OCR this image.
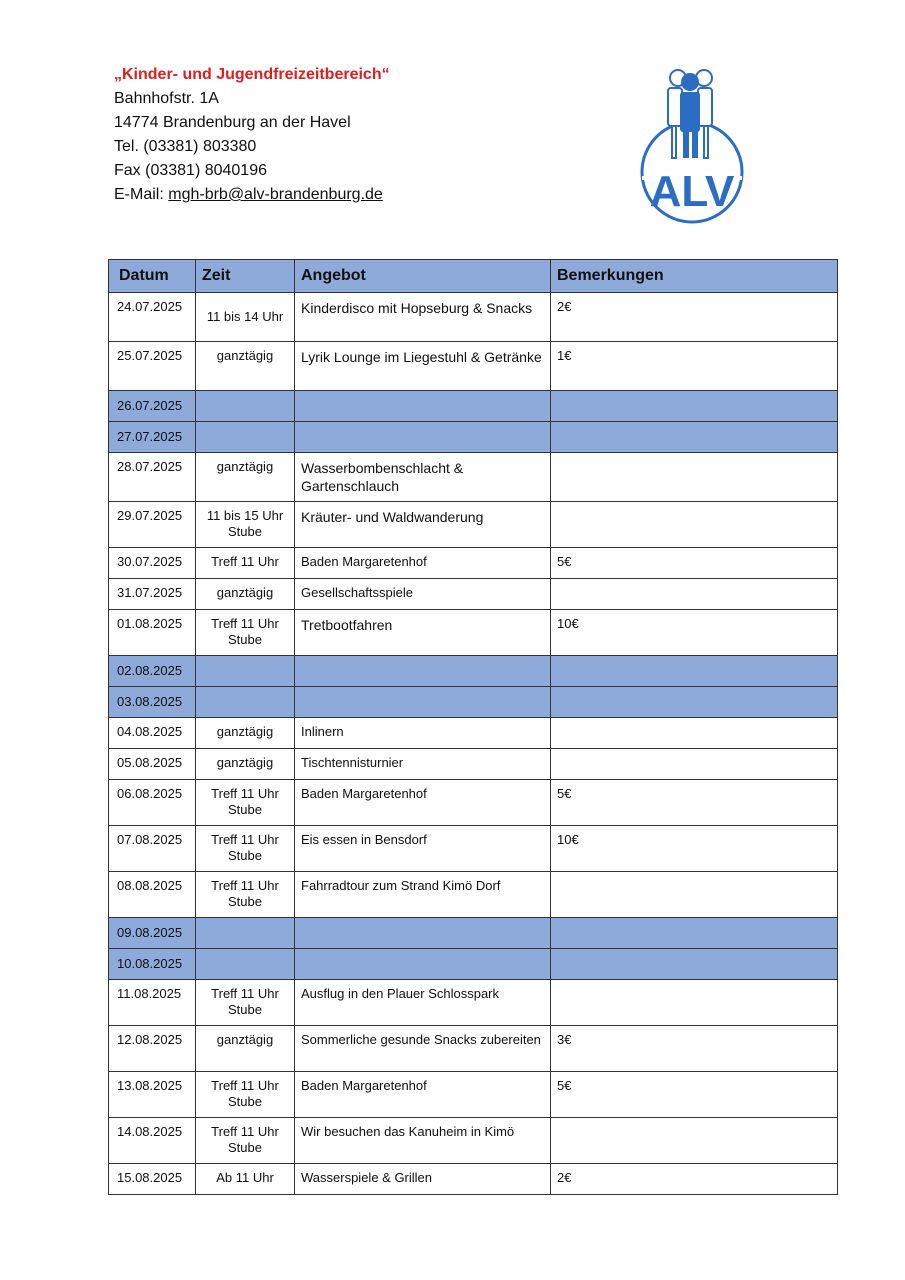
„Kinder- und Jugendfreizeitbereich“
Bahnhofstr. 1A
14774 Brandenburg an der Havel
Tel. (03381) 803380
Fax (03381) 8040196
E-Mail: mgh-brb@alv-brandenburg.de	ALV
Datum	Zeit	Angebot	Bemerkungen

24.07.2025	11 bis 14 Uhr	Kinderdisco mit Hopseburg & Snacks	2€

25.07.2025	ganztägig	Lyrik Lounge im Liegestuhl & Getränke	1€

26.07.2025			

27.07.2025			

28.07.2025	ganztägig	Wasserbombenschlacht & Gartenschlauch	

29.07.2025	11 bis 15 Uhr Stube	Kräuter- und Waldwanderung	

30.07.2025	Treff 11 Uhr	Baden Margaretenhof	5€

31.07.2025	ganztägig	Gesellschaftsspiele	

01.08.2025	Treff 11 Uhr Stube	Tretbootfahren	10€

02.08.2025			

03.08.2025			

04.08.2025	ganztägig	Inlinern	

05.08.2025	ganztägig	Tischtennisturnier	

06.08.2025	Treff 11 Uhr Stube	Baden Margaretenhof	5€

07.08.2025	Treff 11 Uhr Stube	Eis essen in Bensdorf	10€

08.08.2025	Treff 11 Uhr Stube	Fahrradtour zum Strand Kimö Dorf	

09.08.2025			

10.08.2025			

11.08.2025	Treff 11 Uhr Stube	Ausflug in den Plauer Schlosspark	

12.08.2025	ganztägig	Sommerliche gesunde Snacks zubereiten	3€

13.08.2025	Treff 11 Uhr Stube	Baden Margaretenhof	5€

14.08.2025	Treff 11 Uhr Stube	Wir besuchen das Kanuheim in Kimö	

15.08.2025	Ab 11 Uhr	Wasserspiele & Grillen	2€
